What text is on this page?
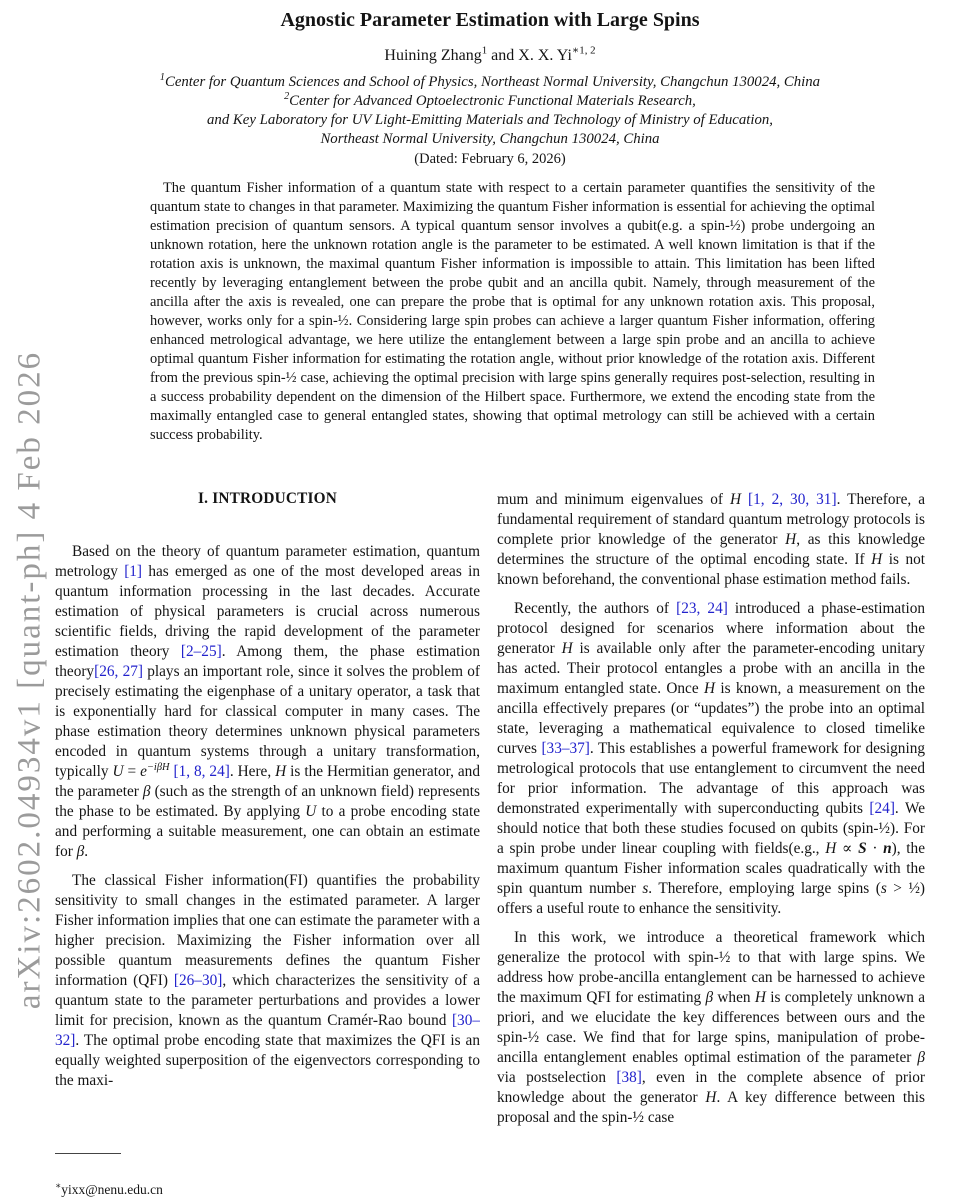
arXiv:2602.04934v1 [quant-ph] 4 Feb 2026
Agnostic Parameter Estimation with Large Spins
Huining Zhang$^1$ and X. X. $Yi^{∗1, 2}$
$^1$Center for Quantum Sciences and School of Physics, Northeast Normal University, Changchun 130024, China
$^2$Center for Advanced Optoelectronic Functional Materials Research,
and Key Laboratory for UV Light-Emitting Materials and Technology of Ministry of Education,
Northeast Normal University, Changchun 130024, China
(Dated: February 6, 2026)

The quantum Fisher information of a quantum state with respect to a certain parameter quantifies the sensitivity of the quantum state to changes in that parameter. Maximizing the quantum Fisher information is essential for achieving the optimal estimation precision of quantum sensors. A typical quantum sensor involves a qubit(e.g. a spin-½) probe undergoing an unknown rotation, here the unknown rotation angle is the parameter to be estimated. A well known limitation is that if the rotation axis is unknown, the maximal quantum Fisher information is impossible to attain. This limitation has been lifted recently by leveraging entanglement between the probe qubit and an ancilla qubit. Namely, through measurement of the ancilla after the axis is revealed, one can prepare the probe that is optimal for any unknown rotation axis. This proposal, however, works only for a spin-½. Considering large spin probes can achieve a larger quantum Fisher information, offering enhanced metrological advantage, we here utilize the entanglement between a large spin probe and an ancilla to achieve optimal quantum Fisher information for estimating the rotation angle, without prior knowledge of the rotation axis. Different from the previous spin-½ case, achieving the optimal precision with large spins generally requires post-selection, resulting in a success probability dependent on the dimension of the Hilbert space. Furthermore, we extend the encoding state from the maximally entangled case to general entangled states, showing that optimal metrology can still be achieved with a certain success probability.

I. INTRODUCTION

Based on the theory of quantum parameter estimation, quantum metrology [1] has emerged as one of the most developed areas in quantum information processing in the last decades. Accurate estimation of physical parameters is crucial across numerous scientific fields, driving the rapid development of the parameter estimation theory [2–25]. Among them, the phase estimation theory[26, 27] plays an important role, since it solves the problem of precisely estimating the eigenphase of a unitary operator, a task that is exponentially hard for classical computer in many cases. The phase estimation theory determines unknown physical parameters encoded in quantum systems through a unitary transformation, typically $U = e^{-i\beta H}$ [1, 8, 24]. Here, H is the Hermitian generator, and the parameter β (such as the strength of an unknown field) represents the phase to be estimated. By applying U to a probe encoding state and performing a suitable measurement, one can obtain an estimate for β.

The classical Fisher information(FI) quantifies the probability sensitivity to small changes in the estimated parameter. A larger Fisher information implies that one can estimate the parameter with a higher precision. Maximizing the Fisher information over all possible quantum measurements defines the quantum Fisher information (QFI) [26–30], which characterizes the sensitivity of a quantum state to the parameter perturbations and provides a lower limit for precision, known as the quantum Cramér-Rao bound [30–32]. The optimal probe encoding state that maximizes the QFI is an equally weighted superposition of the eigenvectors corresponding to the maxi-

∗yixx@nenu.edu.cn

mum and minimum eigenvalues of H [1, 2, 30, 31]. Therefore, a fundamental requirement of standard quantum metrology protocols is complete prior knowledge of the generator H, as this knowledge determines the structure of the optimal encoding state. If H is not known beforehand, the conventional phase estimation method fails.

Recently, the authors of [23, 24] introduced a phase-estimation protocol designed for scenarios where information about the generator H is available only after the parameter-encoding unitary has acted. Their protocol entangles a probe with an ancilla in the maximum entangled state. Once H is known, a measurement on the ancilla effectively prepares (or “updates”) the probe into an optimal state, leveraging a mathematical equivalence to closed timelike curves [33–37]. This establishes a powerful framework for designing metrological protocols that use entanglement to circumvent the need for prior information. The advantage of this approach was demonstrated experimentally with superconducting qubits [24]. We should notice that both these studies focused on qubits (spin-½). For a spin probe under linear coupling with fields(e.g., H ∝ S · n), the maximum quantum Fisher information scales quadratically with the spin quantum number s. Therefore, employing large spins (s > ½) offers a useful route to enhance the sensitivity.

In this work, we introduce a theoretical framework which generalize the protocol with spin-½ to that with large spins. We address how probe-ancilla entanglement can be harnessed to achieve the maximum QFI for estimating β when H is completely unknown a priori, and we elucidate the key differences between ours and the spin-½ case. We find that for large spins, manipulation of probe-ancilla entanglement enables optimal estimation of the parameter β via postselection [38], even in the complete absence of prior knowledge about the generator H. A key difference between this proposal and the spin-½ case
